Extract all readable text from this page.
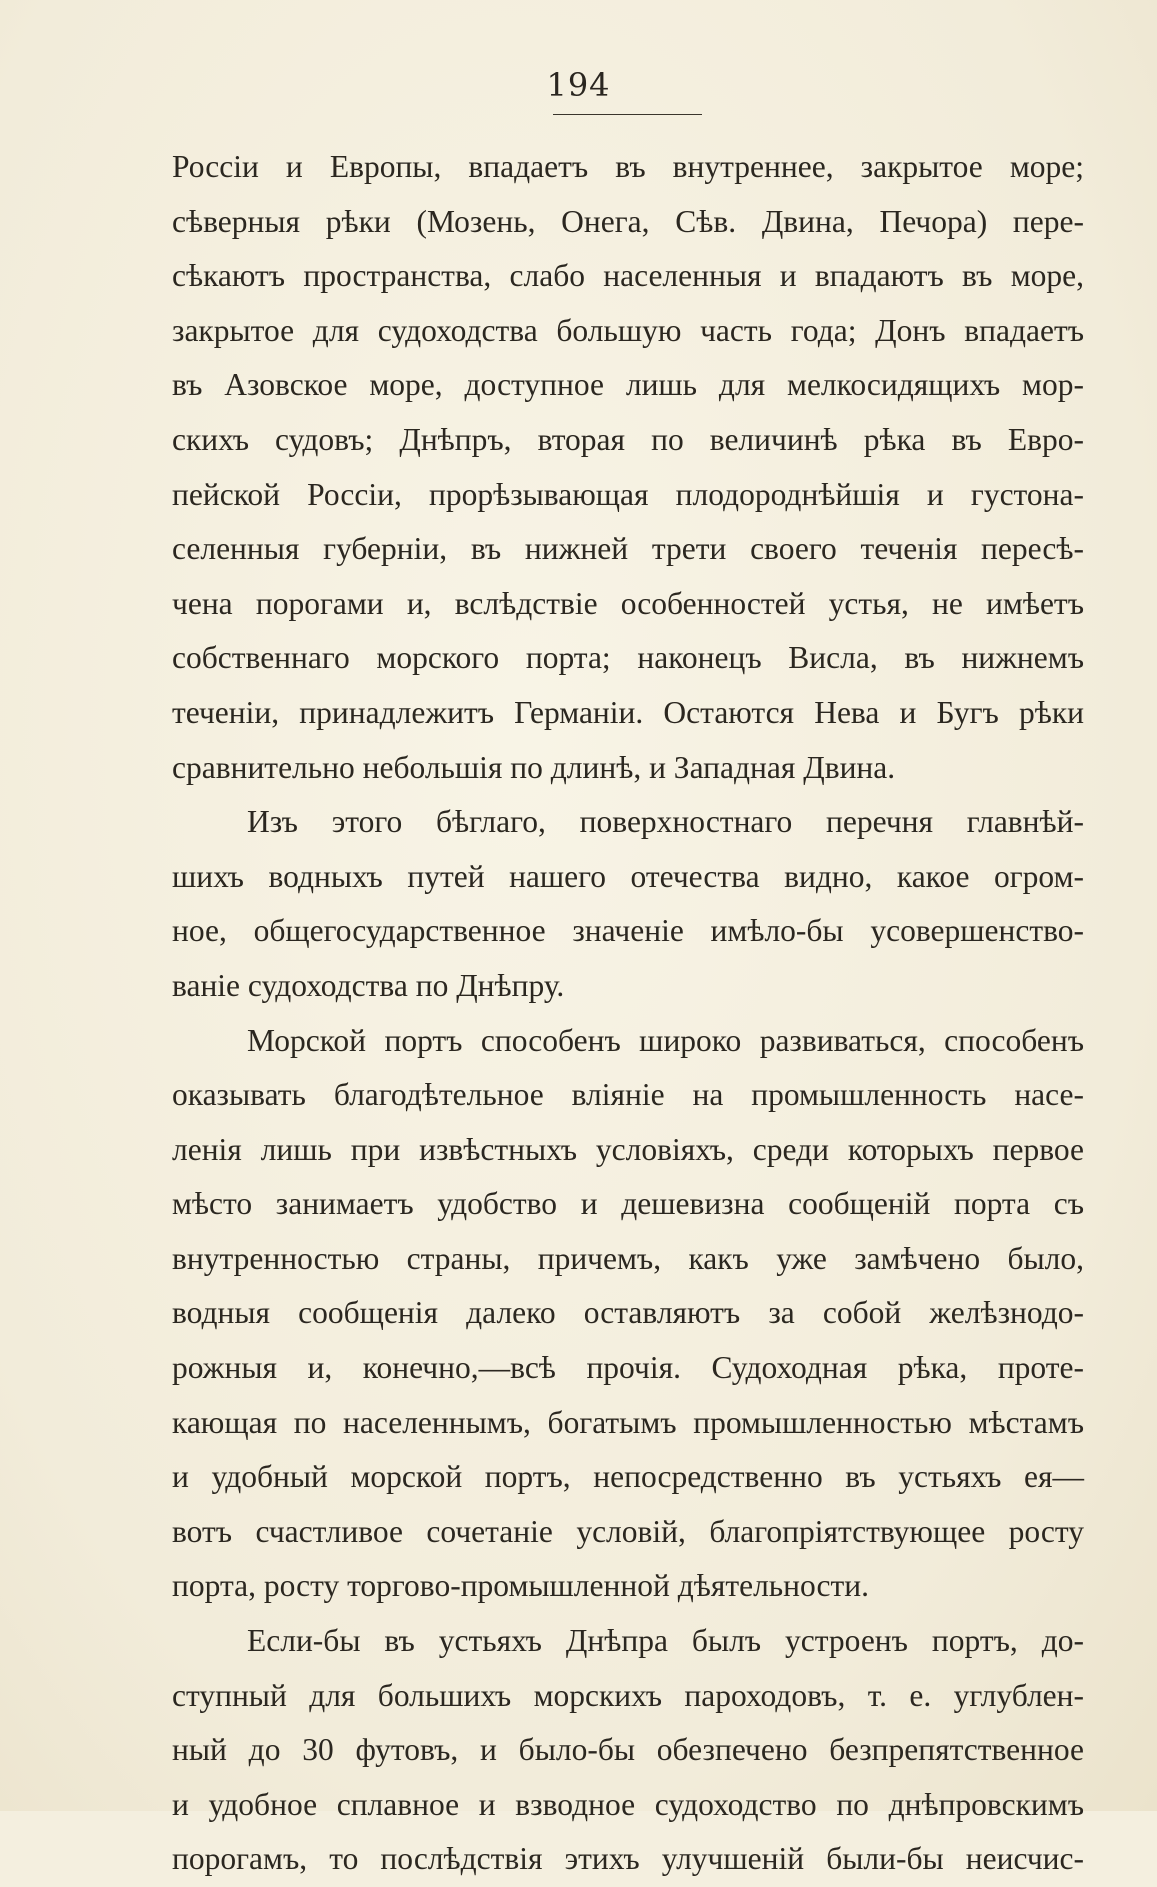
194
Россіи и Европы, впадаетъ въ внутреннее, закрытое море;
сѣверныя рѣки (Мозень, Онега, Сѣв. Двина, Печора) пере-
сѣкаютъ пространства, слабо населенныя и впадаютъ въ море,
закрытое для судоходства большую часть года; Донъ впадаетъ
въ Азовское море, доступное лишь для мелкосидящихъ мор-
скихъ судовъ; Днѣпръ, вторая по величинѣ рѣка въ Евро-
пейской Россіи, прорѣзывающая плодороднѣйшія и густона-
селенныя губерніи, въ нижней трети своего теченія пересѣ-
чена порогами и, вслѣдствіе особенностей устья, не имѣетъ
собственнаго морского порта; наконецъ Висла, въ нижнемъ
теченіи, принадлежитъ Германіи. Остаются Нева и Бугъ рѣки
сравнительно небольшія по длинѣ, и Западная Двина.
Изъ этого бѣглаго, поверхностнаго перечня главнѣй-
шихъ водныхъ путей нашего отечества видно, какое огром-
ное, общегосударственное значеніе имѣло-бы усовершенство-
ваніе судоходства по Днѣпру.
Морской портъ способенъ широко развиваться, способенъ
оказывать благодѣтельное вліяніе на промышленность насе-
ленія лишь при извѣстныхъ условіяхъ, среди которыхъ первое
мѣсто занимаетъ удобство и дешевизна сообщеній порта съ
внутренностью страны, причемъ, какъ уже замѣчено было,
водныя сообщенія далеко оставляютъ за собой желѣзнодо-
рожныя и, конечно,—всѣ прочія. Судоходная рѣка, проте-
кающая по населеннымъ, богатымъ промышленностью мѣстамъ
и удобный морской портъ, непосредственно въ устьяхъ ея—
вотъ счастливое сочетаніе условій, благопріятствующее росту
порта, росту торгово-промышленной дѣятельности.
Если-бы въ устьяхъ Днѣпра былъ устроенъ портъ, до-
ступный для большихъ морскихъ пароходовъ, т. е. углублен-
ный до 30 футовъ, и было-бы обезпечено безпрепятственное
и удобное сплавное и взводное судоходство по днѣпровскимъ
порогамъ, то послѣдствія этихъ улучшеній были-бы неисчис-
